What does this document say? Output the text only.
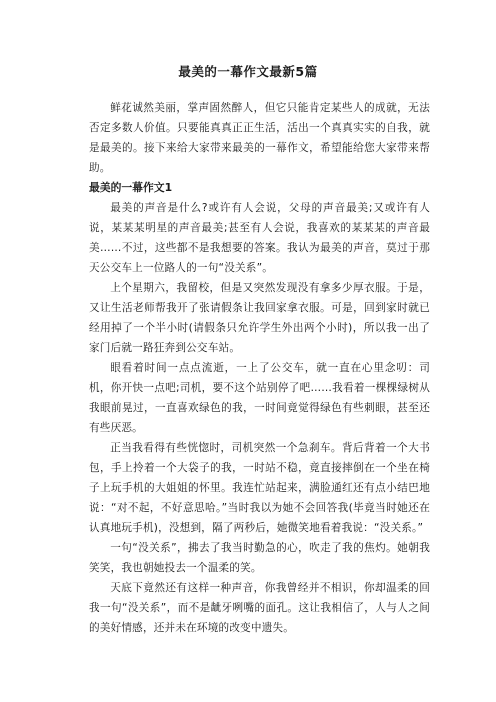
最美的一幕作文最新5篇

鲜花诚然美丽，掌声固然醉人，但它只能肯定某些人的成就，无法否定多数人价值。只要能真真正正生活，活出一个真真实实的自我，就是最美的。接下来给大家带来最美的一幕作文，希望能给您大家带来帮助。

最美的一幕作文1

最美的声音是什么?或许有人会说，父母的声音最美;又或许有人说，某某某明星的声音最美;甚至有人会说，我喜欢的某某某的声音最美……不过，这些都不是我想要的答案。我认为最美的声音，莫过于那天公交车上一位路人的一句“没关系”。

上个星期六，我留校，但是又突然发现没有拿多少厚衣服。于是，又让生活老师帮我开了张请假条让我回家拿衣服。可是，回到家时就已经用掉了一个半小时(请假条只允许学生外出两个小时)，所以我一出了家门后就一路狂奔到公交车站。

眼看着时间一点点流逝，一上了公交车，就一直在心里念叨：司机，你开快一点吧;司机，要不这个站别停了吧……我看着一棵棵绿树从我眼前晃过，一直喜欢绿色的我，一时间竟觉得绿色有些刺眼，甚至还有些厌恶。

正当我看得有些恍惚时，司机突然一个急刹车。背后背着一个大书包，手上拎着一个大袋子的我，一时站不稳，竟直接摔倒在一个坐在椅子上玩手机的大姐姐的怀里。我连忙站起来，满脸通红还有点小结巴地说：“对不起，不好意思哈。”当时我以为她不会回答我(毕竟当时她还在认真地玩手机)，没想到，隔了两秒后，她微笑地看着我说：“没关系。”

一句“没关系”，拂去了我当时勤急的心，吹走了我的焦灼。她朝我笑笑，我也朝她投去一个温柔的笑。

天底下竟然还有这样一种声音，你我曾经并不相识，你却温柔的回我一句“没关系”，而不是龇牙咧嘴的面孔。这让我相信了，人与人之间的美好情感，还并未在环境的改变中遗失。
